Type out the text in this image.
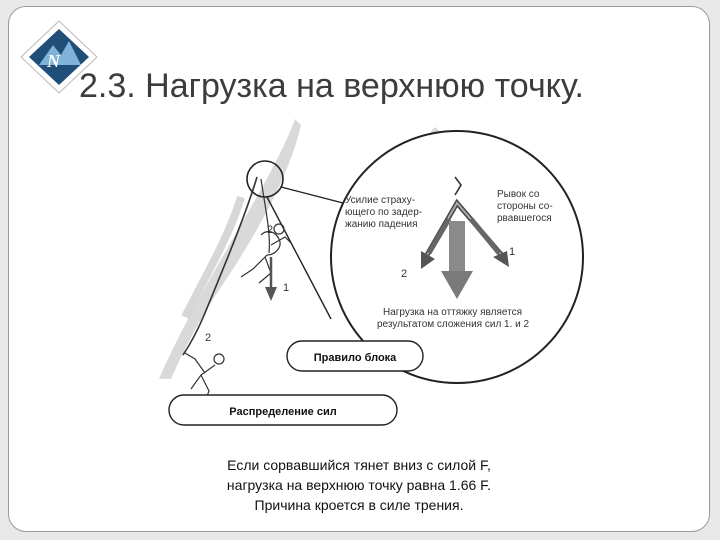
N
1
2
2
2
1
Усилие страху-
ющего по задер-
жанию падения
Рывок со
стороны со-
рвавшегося
Нагрузка на оттяжку является
результатом сложения сил 1. и 2
Правило блока
Распределение сил
2.3. Нагрузка на верхнюю точку.
Если сорвавшийся тянет вниз с силой F,
нагрузка на верхнюю точку равна 1.66 F.
Причина кроется в силе трения.
